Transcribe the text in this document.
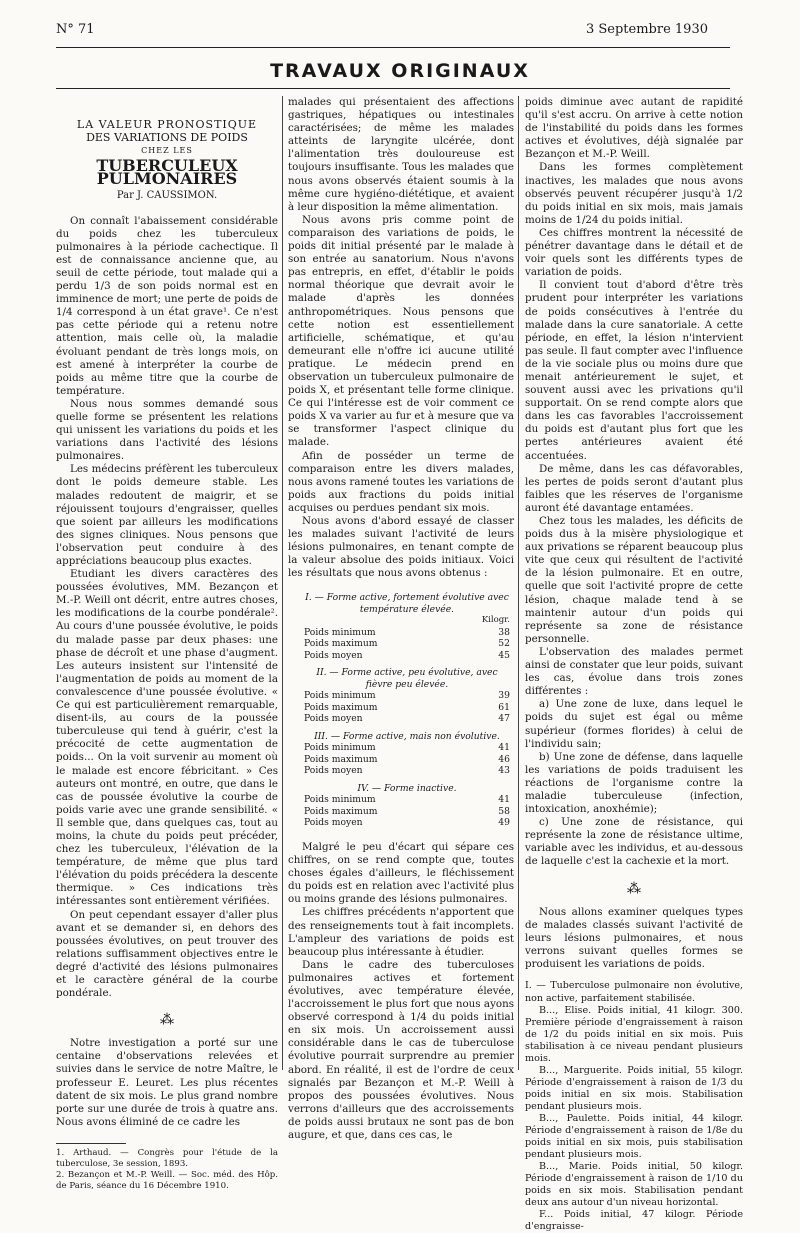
N° 71	3 Septembre 1930
TRAVAUX ORIGINAUX
LA VALEUR PRONOSTIQUE
DES VARIATIONS DE POIDS
CHEZ LES
TUBERCULEUX PULMONAIRES
Par J. CAUSSIMON.

On connaît l'abaissement considérable du poids chez les tuberculeux pulmonaires à la période cachectique. Il est de connaissance ancienne que, au seuil de cette période, tout malade qui a perdu 1/3 de son poids normal est en imminence de mort; une perte de poids de 1/4 correspond à un état grave¹. Ce n'est pas cette période qui a retenu notre attention, mais celle où, la maladie évoluant pendant de très longs mois, on est amené à interpréter la courbe de poids au même titre que la courbe de température.

Nous nous sommes demandé sous quelle forme se présentent les relations qui unissent les variations du poids et les variations dans l'activité des lésions pulmonaires.

Les médecins préfèrent les tuberculeux dont le poids demeure stable. Les malades redoutent de maigrir, et se réjouissent toujours d'engraisser, quelles que soient par ailleurs les modifications des signes cliniques. Nous pensons que l'observation peut conduire à des appréciations beaucoup plus exactes.

Etudiant les divers caractères des poussées évolutives, MM. Bezançon et M.-P. Weill ont décrit, entre autres choses, les modifications de la courbe pondérale². Au cours d'une poussée évolutive, le poids du malade passe par deux phases: une phase de décroît et une phase d'augment. Les auteurs insistent sur l'intensité de l'augmentation de poids au moment de la convalescence d'une poussée évolutive. « Ce qui est particulièrement remarquable, disent-ils, au cours de la poussée tuberculeuse qui tend à guérir, c'est la précocité de cette augmentation de poids... On la voit survenir au moment où le malade est encore fébricitant. » Ces auteurs ont montré, en outre, que dans le cas de poussée évolutive la courbe de poids varie avec une grande sensibilité. « Il semble que, dans quelques cas, tout au moins, la chute du poids peut précéder, chez les tuberculeux, l'élévation de la température, de même que plus tard l'élévation du poids précédera la descente thermique. » Ces indications très intéressantes sont entièrement vérifiées.

On peut cependant essayer d'aller plus avant et se demander si, en dehors des poussées évolutives, on peut trouver des relations suffisamment objectives entre le degré d'activité des lésions pulmonaires et le caractère général de la courbe pondérale.

⁂

Notre investigation a porté sur une centaine d'observations relevées et suivies dans le service de notre Maître, le professeur E. Leuret. Les plus récentes datent de six mois. Le plus grand nombre porte sur une durée de trois à quatre ans. Nous avons éliminé de ce cadre les

1. Arthaud. — Congrès pour l'étude de la tuberculose, 3e session, 1893.

2. Bezançon et M.-P. Weill. — Soc. méd. des Hôp. de Paris, séance du 16 Décembre 1910.

malades qui présentaient des affections gastriques, hépatiques ou intestinales caractérisées; de même les malades atteints de laryngite ulcérée, dont l'alimentation très douloureuse est toujours insuffisante. Tous les malades que nous avons observés étaient soumis à la même cure hygiéno-diététique, et avaient à leur disposition la même alimentation.

Nous avons pris comme point de comparaison des variations de poids, le poids dit initial présenté par le malade à son entrée au sanatorium. Nous n'avons pas entrepris, en effet, d'établir le poids normal théorique que devrait avoir le malade d'après les données anthropométriques. Nous pensons que cette notion est essentiellement artificielle, schématique, et qu'au demeurant elle n'offre ici aucune utilité pratique. Le médecin prend en observation un tuberculeux pulmonaire de poids X, et présentant telle forme clinique. Ce qui l'intéresse est de voir comment ce poids X va varier au fur et à mesure que va se transformer l'aspect clinique du malade.

Afin de posséder un terme de comparaison entre les divers malades, nous avons ramené toutes les variations de poids aux fractions du poids initial acquises ou perdues pendant six mois.

Nous avons d'abord essayé de classer les malades suivant l'activité de leurs lésions pulmonaires, en tenant compte de la valeur absolue des poids initiaux. Voici les résultats que nous avons obtenus :

I. — Forme active, fortement évolutive avec température élevée.
Kilogr.
Poids minimum	38
Poids maximum	52
Poids moyen	45
II. — Forme active, peu évolutive, avec fièvre peu élevée.
Poids minimum	39
Poids maximum	61
Poids moyen	47
III. — Forme active, mais non évolutive.
Poids minimum	41
Poids maximum	46
Poids moyen	43
IV. — Forme inactive.
Poids minimum	41
Poids maximum	58
Poids moyen	49

Malgré le peu d'écart qui sépare ces chiffres, on se rend compte que, toutes choses égales d'ailleurs, le fléchissement du poids est en relation avec l'activité plus ou moins grande des lésions pulmonaires.

Les chiffres précédents n'apportent que des renseignements tout à fait incomplets. L'ampleur des variations de poids est beaucoup plus intéressante à étudier.

Dans le cadre des tuberculoses pulmonaires actives et fortement évolutives, avec température élevée, l'accroissement le plus fort que nous ayons observé correspond à 1/4 du poids initial en six mois. Un accroissement aussi considérable dans le cas de tuberculose évolutive pourrait surprendre au premier abord. En réalité, il est de l'ordre de ceux signalés par Bezançon et M.-P. Weill à propos des poussées évolutives. Nous verrons d'ailleurs que des accroissements de poids aussi brutaux ne sont pas de bon augure, et que, dans ces cas, le

poids diminue avec autant de rapidité qu'il s'est accru. On arrive à cette notion de l'instabilité du poids dans les formes actives et évolutives, déjà signalée par Bezançon et M.-P. Weill.

Dans les formes complètement inactives, les malades que nous avons observés peuvent récupérer jusqu'à 1/2 du poids initial en six mois, mais jamais moins de 1/24 du poids initial.

Ces chiffres montrent la nécessité de pénétrer davantage dans le détail et de voir quels sont les différents types de variation de poids.

Il convient tout d'abord d'être très prudent pour interpréter les variations de poids consécutives à l'entrée du malade dans la cure sanatoriale. A cette période, en effet, la lésion n'intervient pas seule. Il faut compter avec l'influence de la vie sociale plus ou moins dure que menait antérieurement le sujet, et souvent aussi avec les privations qu'il supportait. On se rend compte alors que dans les cas favorables l'accroissement du poids est d'autant plus fort que les pertes antérieures avaient été accentuées.

De même, dans les cas défavorables, les pertes de poids seront d'autant plus faibles que les réserves de l'organisme auront été davantage entamées.

Chez tous les malades, les déficits de poids dus à la misère physiologique et aux privations se réparent beaucoup plus vite que ceux qui résultent de l'activité de la lésion pulmonaire. Et en outre, quelle que soit l'activité propre de cette lésion, chaque malade tend à se maintenir autour d'un poids qui représente sa zone de résistance personnelle.

L'observation des malades permet ainsi de constater que leur poids, suivant les cas, évolue dans trois zones différentes :

a) Une zone de luxe, dans lequel le poids du sujet est égal ou même supérieur (formes florides) à celui de l'individu sain;

b) Une zone de défense, dans laquelle les variations de poids traduisent les réactions de l'organisme contre la maladie tuberculeuse (infection, intoxication, anoxhémie);

c) Une zone de résistance, qui représente la zone de résistance ultime, variable avec les individus, et au-dessous de laquelle c'est la cachexie et la mort.

⁂

Nous allons examiner quelques types de malades classés suivant l'activité de leurs lésions pulmonaires, et nous verrons suivant quelles formes se produisent les variations de poids.

I. — Tuberculose pulmonaire non évolutive, non active, parfaitement stabilisée.

B..., Elise. Poids initial, 41 kilogr. 300. Première période d'engraissement à raison de 1/2 du poids initial en six mois. Puis stabilisation à ce niveau pendant plusieurs mois.

B..., Marguerite. Poids initial, 55 kilogr. Période d'engraissement à raison de 1/3 du poids initial en six mois. Stabilisation pendant plusieurs mois.

B..., Paulette. Poids initial, 44 kilogr. Période d'engraissement à raison de 1/8e du poids initial en six mois, puis stabilisation pendant plusieurs mois.

B..., Marie. Poids initial, 50 kilogr. Période d'engraissement à raison de 1/10 du poids en six mois. Stabilisation pendant deux ans autour d'un niveau horizontal.

F... Poids initial, 47 kilogr. Période d'engraisse-
